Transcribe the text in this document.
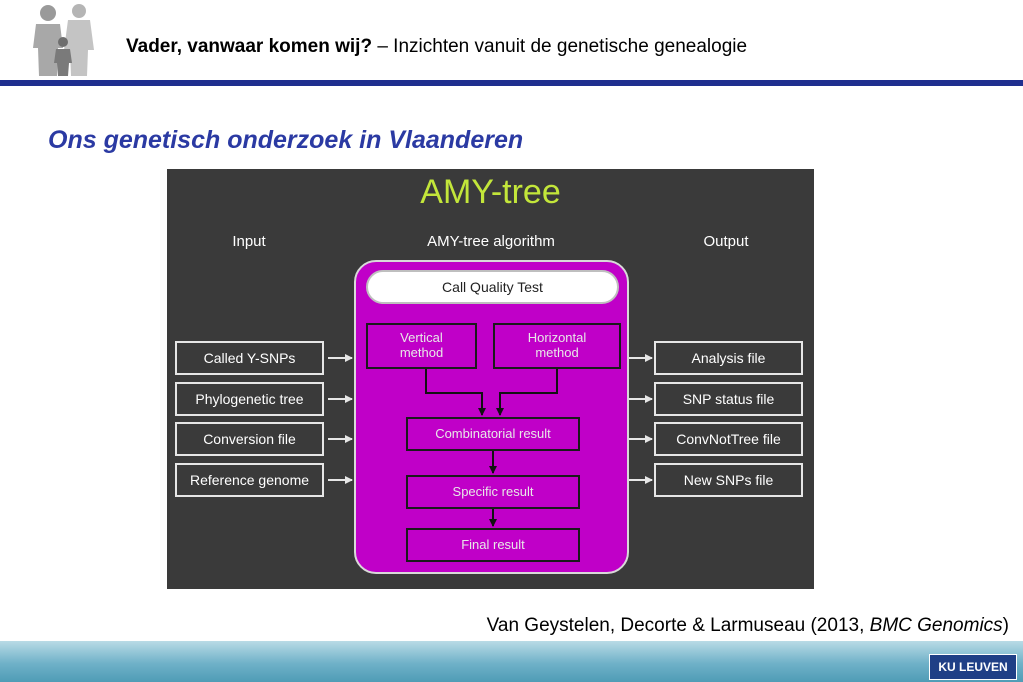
Vader, vanwaar komen wij? – Inzichten vanuit de genetische genealogie
Ons genetisch onderzoek in Vlaanderen
AMY-tree
Input	AMY-tree algorithm	Output
Call Quality Test
Called Y-SNPs
Phylogenetic tree
Conversion file
Reference genome
Analysis file
SNP status file
ConvNotTree file
New SNPs file
Vertical
method
Horizontal
method
Combinatorial result
Specific result
Final result
Van Geystelen, Decorte & Larmuseau (2013, BMC Genomics)
KU LEUVEN
